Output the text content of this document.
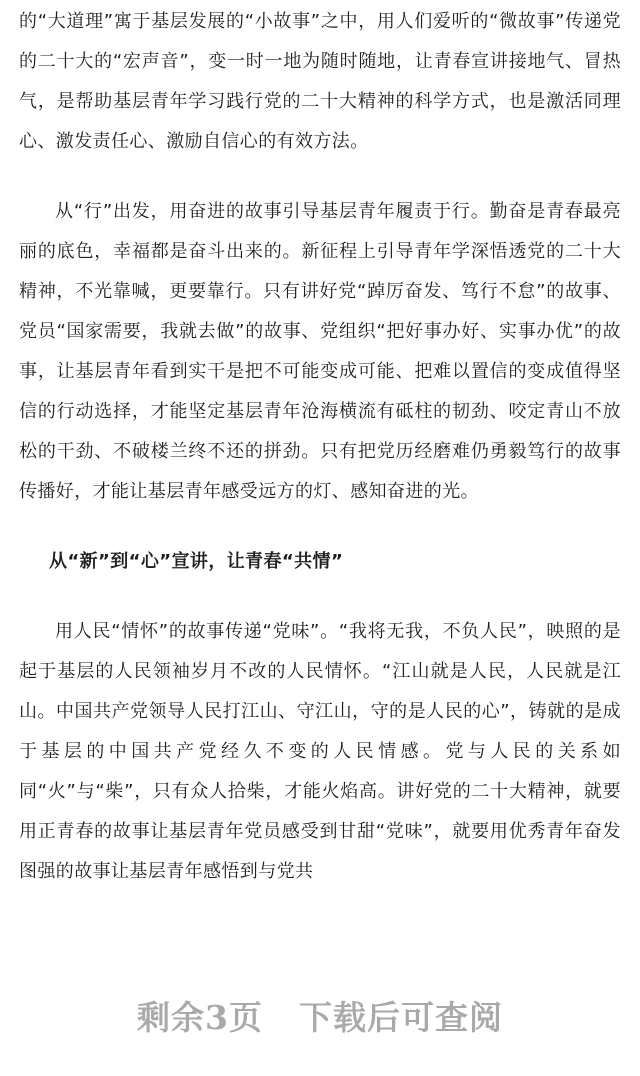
的“大道理”寓于基层发展的“小故事”之中，用人们爱听的“微故事”传递党的二十大的“宏声音”，变一时一地为随时随地，让青春宣讲接地气、冒热气，是帮助基层青年学习践行党的二十大精神的科学方式，也是激活同理心、激发责任心、激励自信心的有效方法。

从“行”出发，用奋进的故事引导基层青年履责于行。勤奋是青春最亮丽的底色，幸福都是奋斗出来的。新征程上引导青年学深悟透党的二十大精神，不光靠喊，更要靠行。只有讲好党“踔厉奋发、笃行不怠”的故事、党员“国家需要，我就去做”的故事、党组织“把好事办好、实事办优”的故事，让基层青年看到实干是把不可能变成可能、把难以置信的变成值得坚信的行动选择，才能坚定基层青年沧海横流有砥柱的韧劲、咬定青山不放松的干劲、不破楼兰终不还的拼劲。只有把党历经磨难仍勇毅笃行的故事传播好，才能让基层青年感受远方的灯、感知奋进的光。

从“新”到“心”宣讲，让青春“共情”

用人民“情怀”的故事传递“党味”。“我将无我，不负人民”，映照的是起于基层的人民领袖岁月不改的人民情怀。“江山就是人民，人民就是江山。中国共产党领导人民打江山、守江山，守的是人民的心”，铸就的是成于基层的中国共产党经久不变的人民情感。党与人民的关系如同“火”与“柴”，只有众人拾柴，才能火焰高。讲好党的二十大精神，就要用正青春的故事让基层青年党员感受到甘甜“党味”，就要用优秀青年奋发图强的故事让基层青年感悟到与党共

剩余3页 下载后可查阅
